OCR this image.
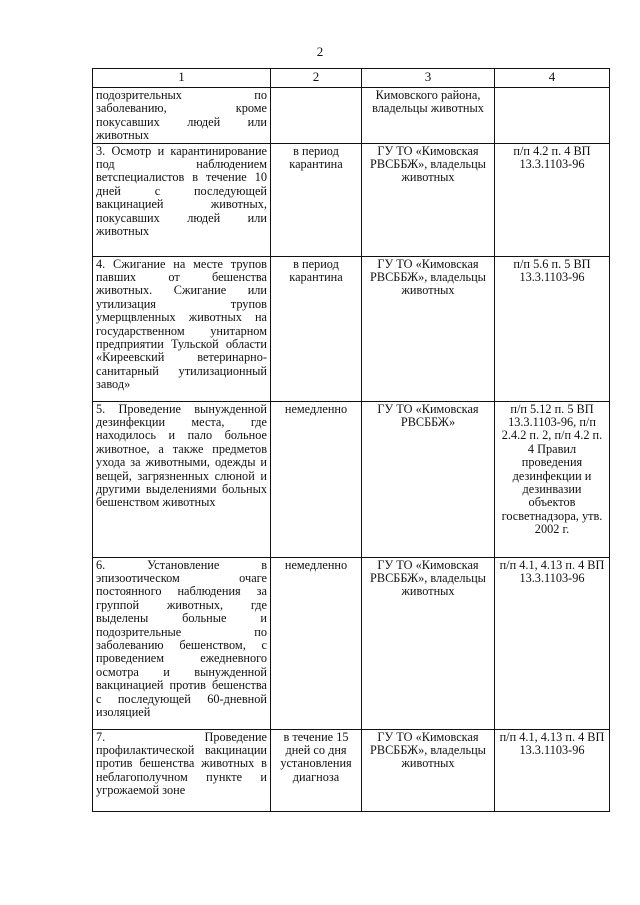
2
1	2	3	4
подозрительных по заболеванию, кроме покусавших людей или животных		Кимовского района, владельцы животных	
3. Осмотр и карантинирование под наблюдением ветспециалистов в течение 10 дней с последующей вакцинацией животных, покусавших людей или животных	в период карантина	ГУ ТО «Кимовская РВСББЖ», владельцы животных	п/п 4.2 п. 4 ВП 13.3.1103-96
4. Сжигание на месте трупов павших от бешенства животных. Сжигание или утилизация трупов умерщвленных животных на государственном унитарном предприятии Тульской области «Киреевский ветеринарно-санитарный утилизационный завод»	в период карантина	ГУ ТО «Кимовская РВСББЖ», владельцы животных	п/п 5.6 п. 5 ВП 13.3.1103-96
5. Проведение вынужденной дезинфекции места, где находилось и пало больное животное, а также предметов ухода за животными, одежды и вещей, загрязненных слюной и другими выделениями больных бешенством животных	немедленно	ГУ ТО «Кимовская РВСББЖ»	п/п 5.12 п. 5 ВП 13.3.1103-96, п/п 2.4.2 п. 2, п/п 4.2 п. 4 Правил проведения дезинфекции и дезинвазии объектов госветнадзора, утв. 2002 г.
6. Установление в эпизоотическом очаге постоянного наблюдения за группой животных, где выделены больные и подозрительные по заболеванию бешенством, с проведением ежедневного осмотра и вынужденной вакцинацией против бешенства с последующей 60-дневной изоляцией	немедленно	ГУ ТО «Кимовская РВСББЖ», владельцы животных	п/п 4.1, 4.13 п. 4 ВП 13.3.1103-96
7. Проведение профилактической вакцинации против бешенства животных в неблагополучном пункте и угрожаемой зоне	в течение 15 дней со дня установления диагноза	ГУ ТО «Кимовская РВСББЖ», владельцы животных	п/п 4.1, 4.13 п. 4 ВП 13.3.1103-96
